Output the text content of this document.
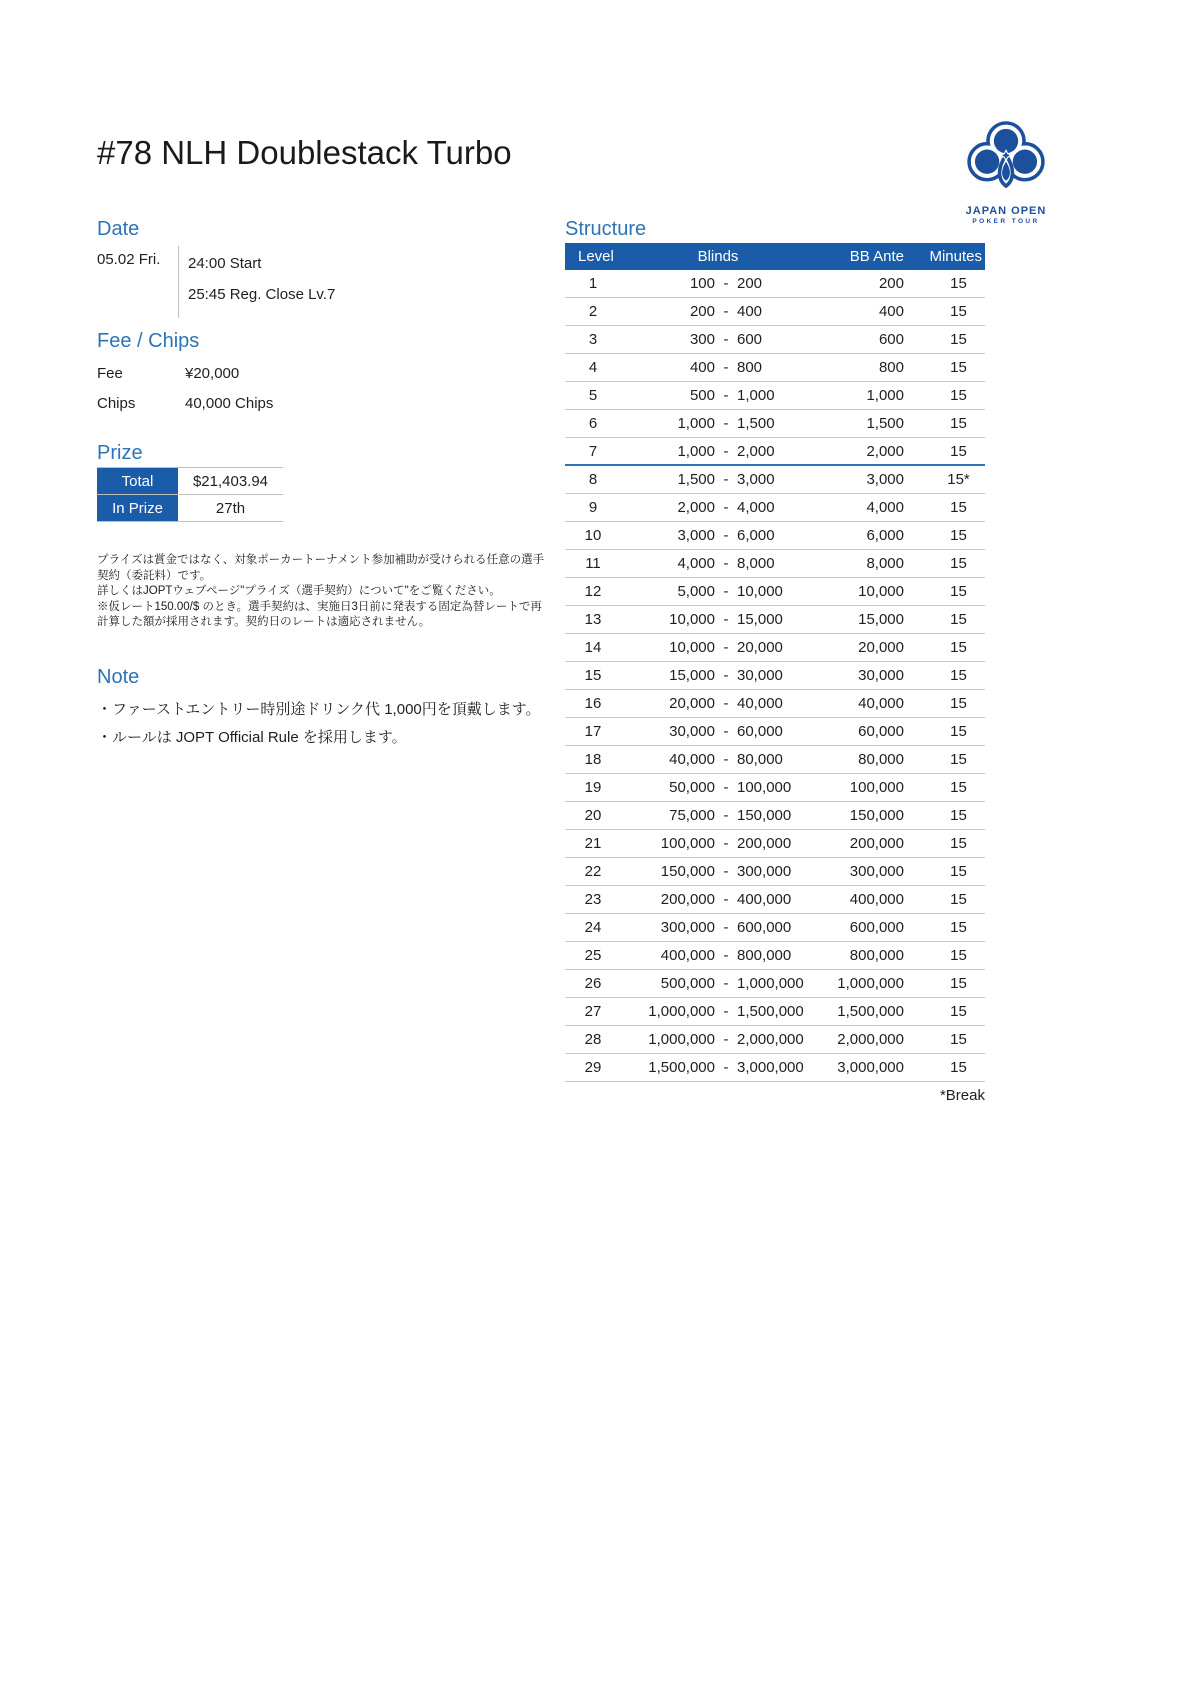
#78 NLH Doublestack Turbo
JAPAN OPEN
POKER TOUR
Date
05.02 Fri.	24:00 Start
25:45 Reg. Close Lv.7
Fee / Chips
Fee	¥20,000
Chips	40,000 Chips
Prize
Total	$21,403.94
In Prize	27th

プライズは賞金ではなく、対象ポーカートーナメント参加補助が受けられる任意の選手契約（委託料）です。

詳しくはJOPTウェブページ"プライズ（選手契約）について"をご覧ください。

※仮レート150.00/$ のとき。選手契約は、実施日3日前に発表する固定為替レートで再計算した額が採用されます。契約日のレートは適応されません。

Note
・ファーストエントリー時別途ドリンク代 1,000円を頂戴します。
・ルールは JOPT Official Rule を採用します。
Structure
Level	Blinds	BB Ante	Minutes
1	100 - 200	200	15
2	200 - 400	400	15
3	300 - 600	600	15
4	400 - 800	800	15
5	500 - 1,000	1,000	15
6	1,000 - 1,500	1,500	15
7	1,000 - 2,000	2,000	15
8	1,500 - 3,000	3,000	15*
9	2,000 - 4,000	4,000	15
10	3,000 - 6,000	6,000	15
11	4,000 - 8,000	8,000	15
12	5,000 - 10,000	10,000	15
13	10,000 - 15,000	15,000	15
14	10,000 - 20,000	20,000	15
15	15,000 - 30,000	30,000	15
16	20,000 - 40,000	40,000	15
17	30,000 - 60,000	60,000	15
18	40,000 - 80,000	80,000	15
19	50,000 - 100,000	100,000	15
20	75,000 - 150,000	150,000	15
21	100,000 - 200,000	200,000	15
22	150,000 - 300,000	300,000	15
23	200,000 - 400,000	400,000	15
24	300,000 - 600,000	600,000	15
25	400,000 - 800,000	800,000	15
26	500,000 - 1,000,000	1,000,000	15
27	1,000,000 - 1,500,000	1,500,000	15
28	1,000,000 - 2,000,000	2,000,000	15
29	1,500,000 - 3,000,000	3,000,000	15
*Break
